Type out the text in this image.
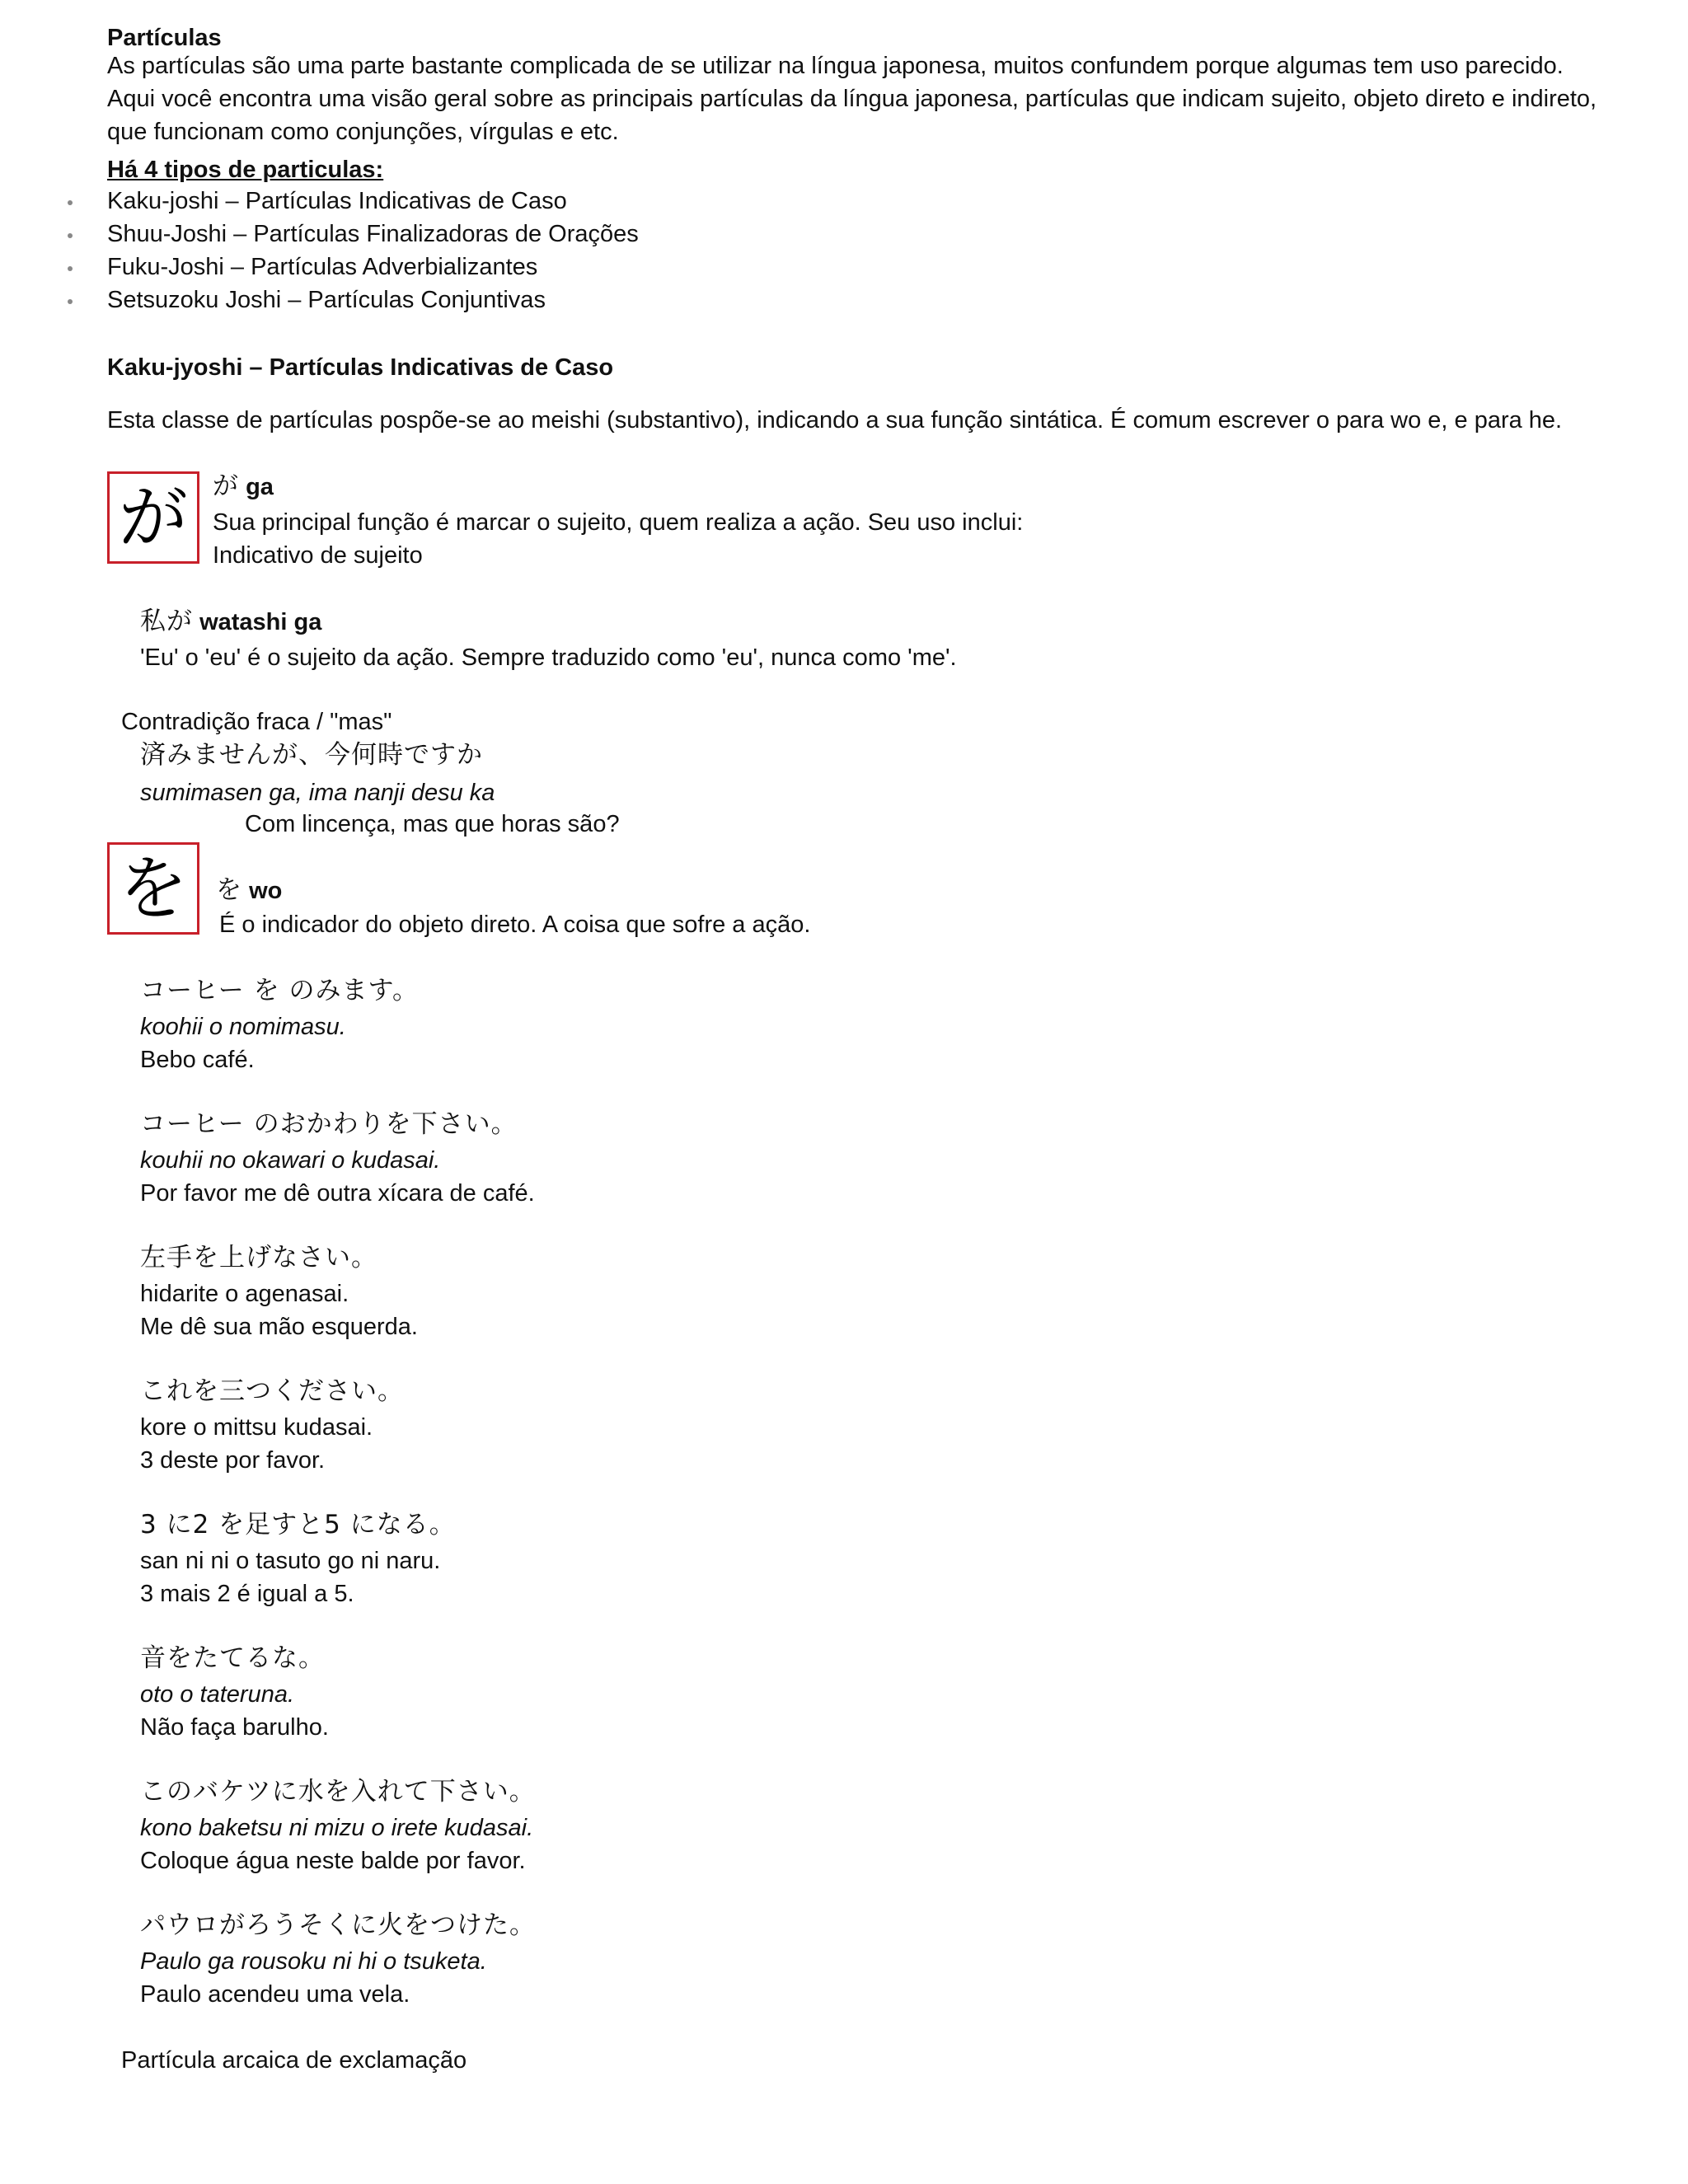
Partículas
As partículas são uma parte bastante complicada de se utilizar na língua japonesa, muitos confundem porque algumas tem uso parecido. Aqui você encontra uma visão geral sobre as principais partículas da língua japonesa, partículas que indicam sujeito, objeto direto e indireto, que funcionam como conjunções, vírgulas e etc.
Há 4 tipos de particulas:
Kaku-joshi – Partículas Indicativas de Caso
Shuu-Joshi – Partículas Finalizadoras de Orações
Fuku-Joshi – Partículas Adverbializantes
Setsuzoku Joshi – Partículas Conjuntivas
Kaku-jyoshi – Partículas Indicativas de Caso
Esta classe de partículas pospõe-se ao meishi (substantivo), indicando a sua função sintática. É comum escrever o para wo e, e para he.
が が ga
Sua principal função é marcar o sujeito, quem realiza a ação. Seu uso inclui:
Indicativo de sujeito
私が watashi ga
'Eu' o 'eu' é o sujeito da ação. Sempre traduzido como 'eu', nunca como 'me'.
Contradição fraca / "mas"
済みませんが、今何時ですか
sumimasen ga, ima nanji desu ka
Com lincença, mas que horas são?
を	を wo
É o indicador do objeto direto. A coisa que sofre a ação.
コーヒー を のみます。
koohii o nomimasu.
Bebo café.
コーヒー のおかわりを下さい。
kouhii no okawari o kudasai.
Por favor me dê outra xícara de café.
左手を上げなさい。
hidarite o agenasai.
Me dê sua mão esquerda.
これを三つください。
kore o mittsu kudasai.
3 deste por favor.
3 に2 を足すと5 になる。
san ni ni o tasuto go ni naru.
3 mais 2 é igual a 5.
音をたてるな。
oto o tateruna.
Não faça barulho.
このバケツに水を入れて下さい。
kono baketsu ni mizu o irete kudasai.
Coloque água neste balde por favor.
パウロがろうそくに火をつけた。
Paulo ga rousoku ni hi o tsuketa.
Paulo acendeu uma vela.
Partícula arcaica de exclamação
